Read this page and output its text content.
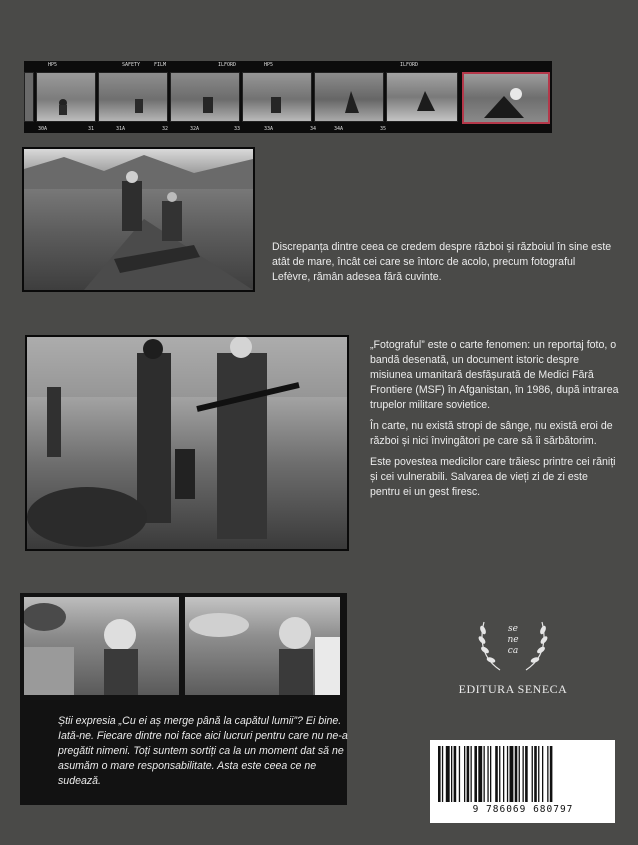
HP5	SAFETY	FILM	ILFORD	HP5	ILFORD
30A	31	31A	32	32A	33	33A	34	34A	35

Discrepanța dintre ceea ce credem despre război și războiul în sine este atât de mare, încât cei care se întorc de acolo, precum fotograful Lefèvre, rămân adesea fără cuvinte.

„Fotograful” este o carte fenomen: un reportaj foto, o bandă desenată, un document istoric despre misiunea umanitară desfășurată de Medici Fără Frontiere (MSF) în Afganistan, în 1986, după intrarea trupelor militare sovietice.

În carte, nu există stropi de sânge, nu există eroi de război și nici învingători pe care să îi sărbătorim.

Este povestea medicilor care trăiesc printre cei răniți și cei vulnerabili. Salvarea de vieți zi de zi este pentru ei un gest firesc.

Știi expresia „Cu ei aș merge până la capătul lumii”? Ei bine. Iată-ne. Fiecare dintre noi face aici lucruri pentru care nu ne-a pregătit nimeni. Toți suntem sortiți ca la un moment dat să ne asumăm o mare responsabilitate. Asta este ceea ce ne sudează.

se
ne
ca
EDITURA SENECA
9 786069 680797
